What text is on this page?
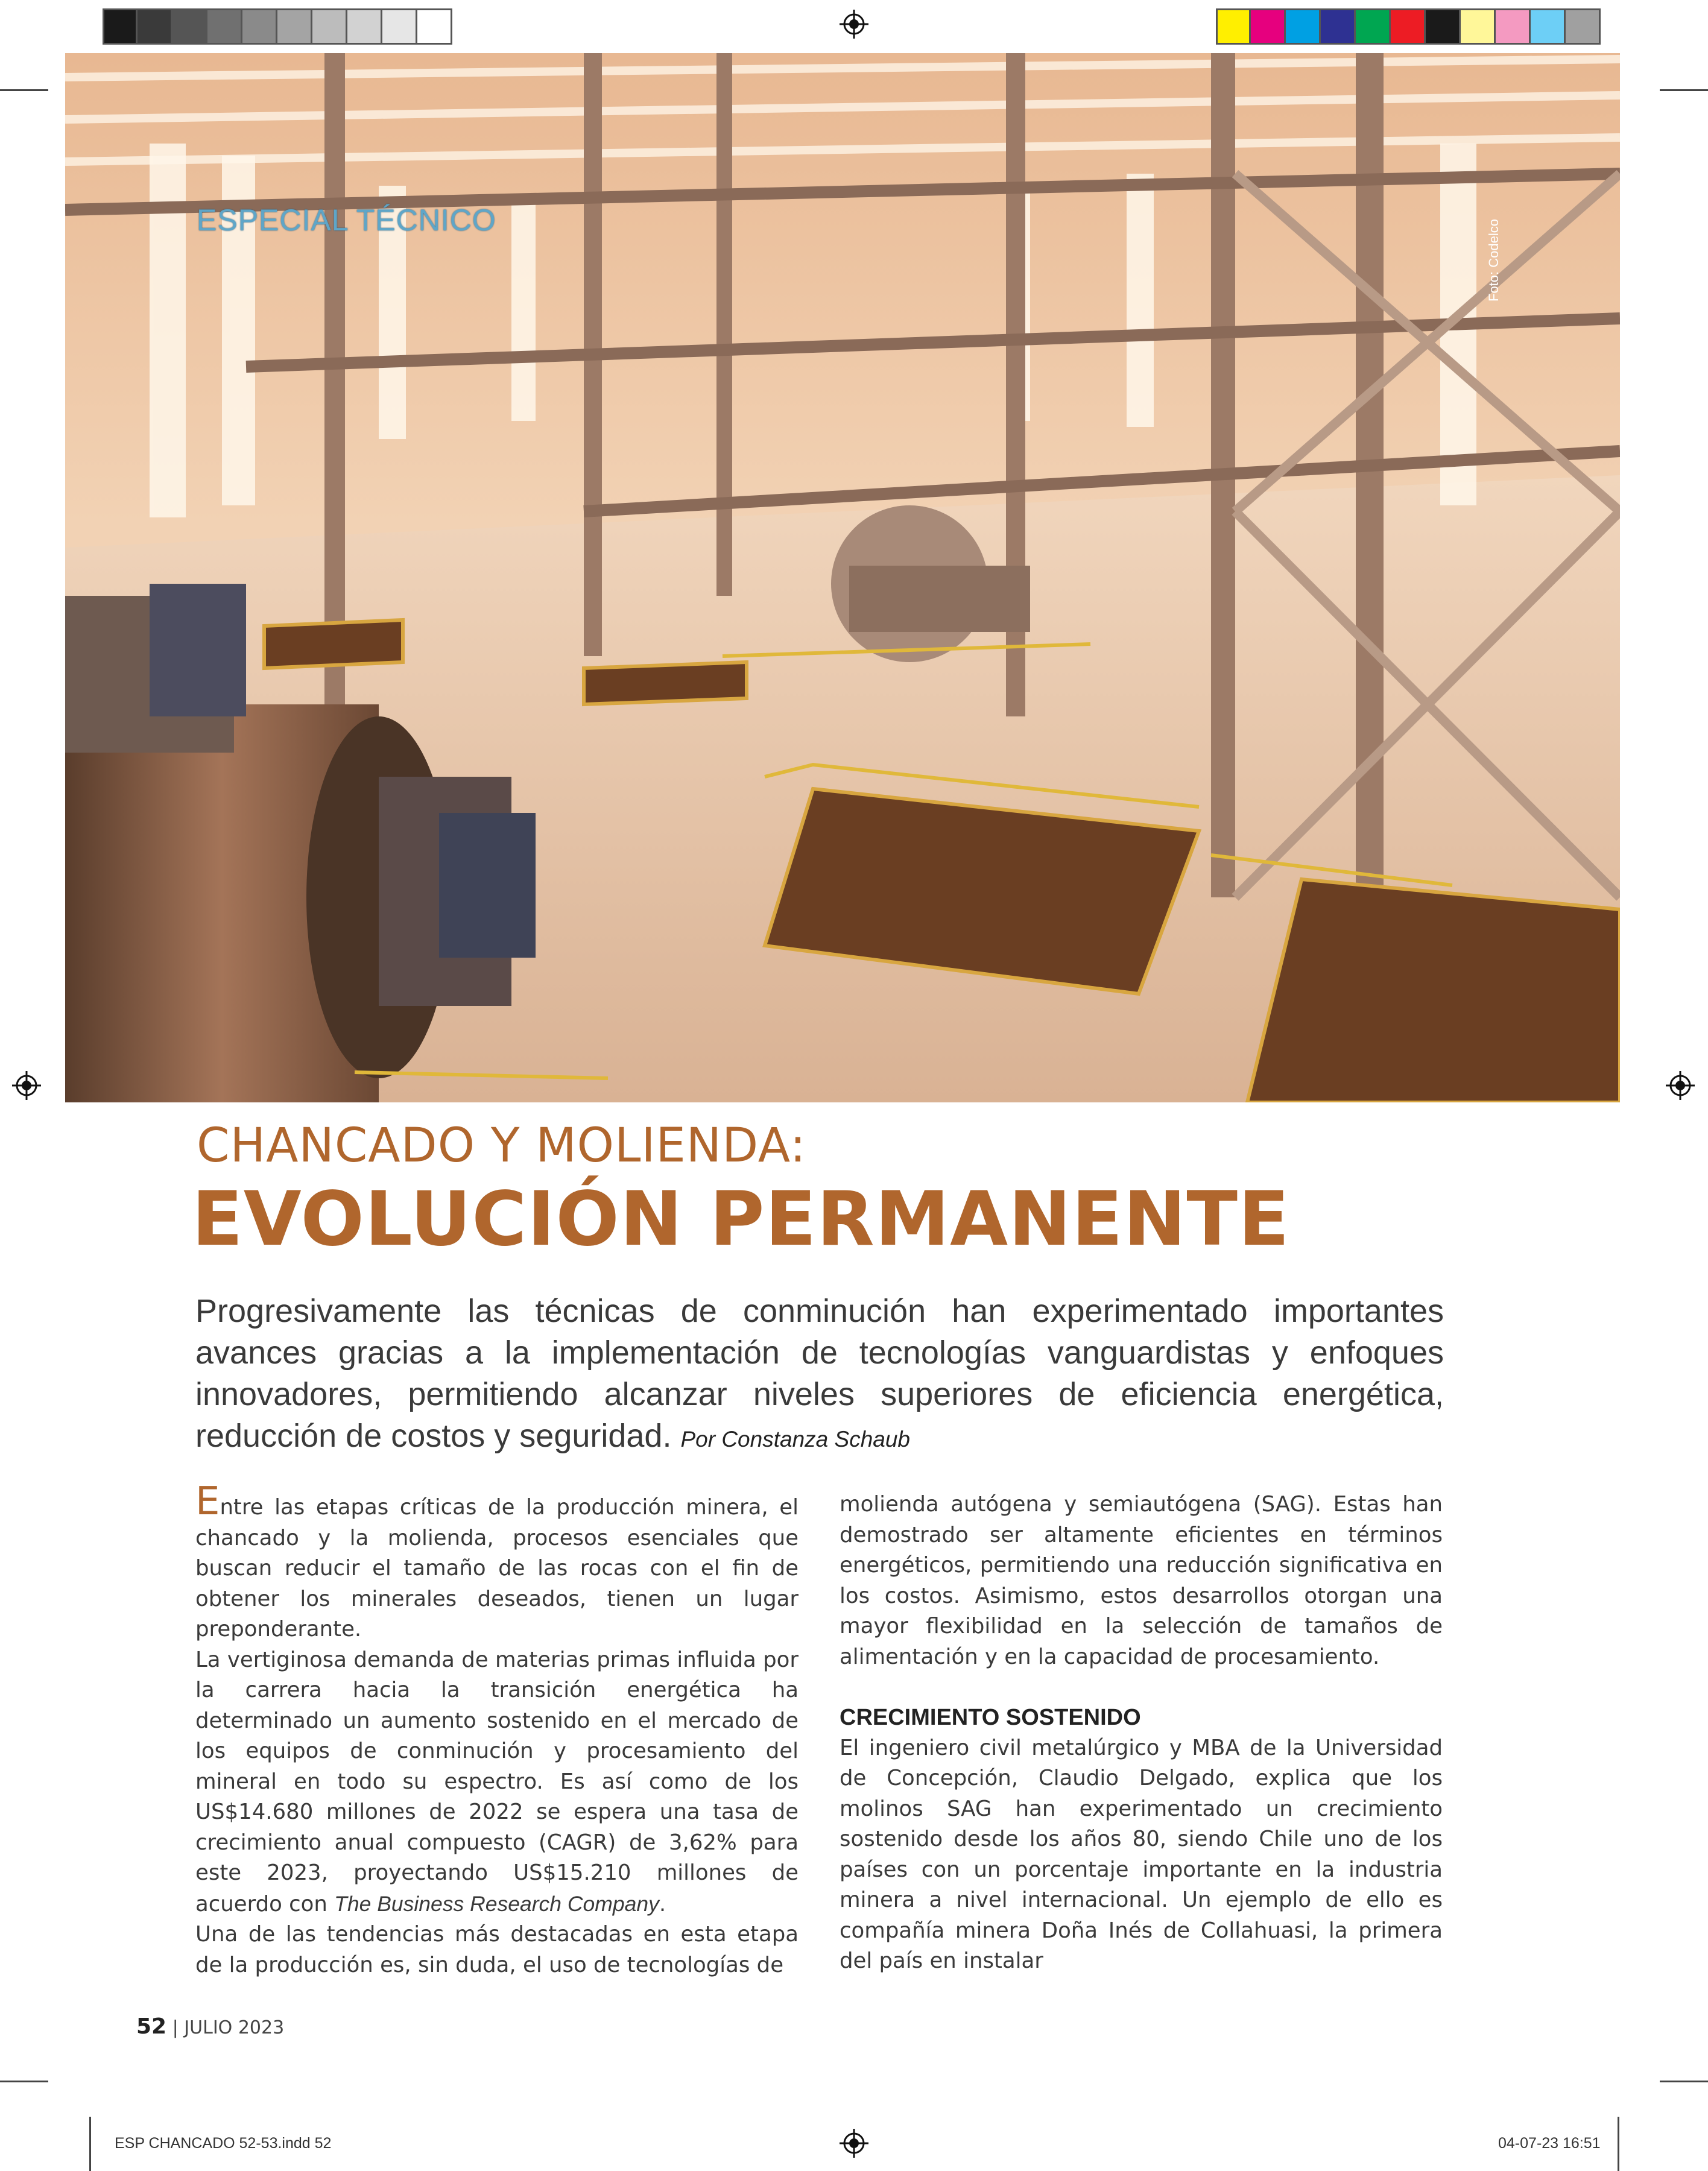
ESPECIAL TÉCNICO	Foto: Codelco
CHANCADO Y MOLIENDA:
EVOLUCIÓN PERMANENTE
Progresivamente las técnicas de conminución han experimentado importantes avances gracias a la implementación de tecnologías vanguardistas y enfoques innovadores, permitiendo alcanzar niveles superiores de eficiencia energética, reducción de costos y seguridad. Por Constanza Schaub

Entre las etapas críticas de la producción minera, el chancado y la molienda, procesos esenciales que buscan reducir el tamaño de las rocas con el fin de obtener los minerales deseados, tienen un lugar preponderante.

La vertiginosa demanda de materias primas influida por la carrera hacia la transición energética ha determinado un aumento sostenido en el mercado de los equipos de conminución y procesamiento del mineral en todo su espectro. Es así como de los US$14.680 millones de 2022 se espera una tasa de crecimiento anual compuesto (CAGR) de 3,62% para este 2023, proyectando US$15.210 millones de acuerdo con The Business Research Company.

Una de las tendencias más destacadas en esta etapa de la producción es, sin duda, el uso de tecnologías de

molienda autógena y semiautógena (SAG). Estas han demostrado ser altamente eficientes en términos energéticos, permitiendo una reducción significativa en los costos. Asimismo, estos desarrollos otorgan una mayor flexibilidad en la selección de tamaños de alimentación y en la capacidad de procesamiento.

CRECIMIENTO SOSTENIDO

El ingeniero civil metalúrgico y MBA de la Universidad de Concepción, Claudio Delgado, explica que los molinos SAG han experimentado un crecimiento sostenido desde los años 80, siendo Chile uno de los países con un porcentaje importante en la industria minera a nivel internacional. Un ejemplo de ello es compañía minera Doña Inés de Collahuasi, la primera del país en instalar

52 | JULIO 2023
ESP CHANCADO 52-53.indd 52	04-07-23 16:51
